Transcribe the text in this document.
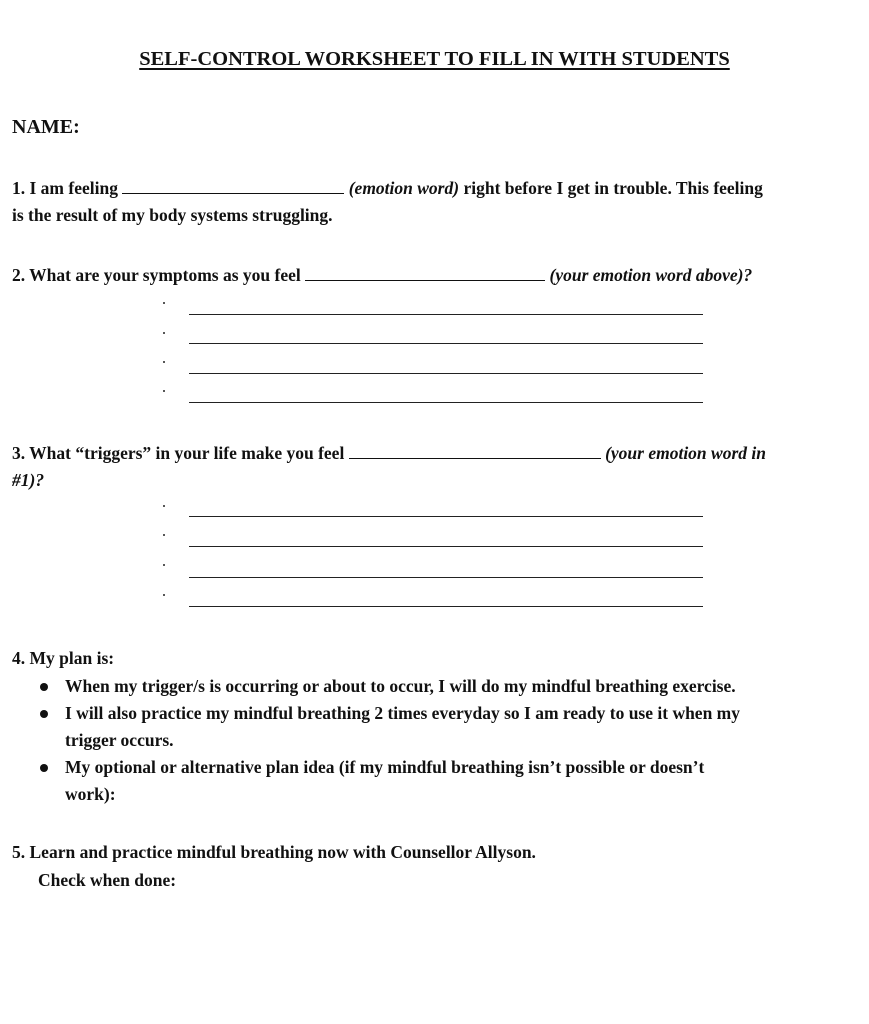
SELF-CONTROL WORKSHEET TO FILL IN WITH STUDENTS
NAME:
1. I am feeling	(emotion word) right before I get in trouble. This feeling
is the result of my body systems struggling.
2. What are your symptoms as you feel	(your emotion word above)?
3. What “triggers” in your life make you feel	(your emotion word in
#1)?
4. My plan is:
When my trigger/s is occurring or about to occur, I will do my mindful breathing exercise.
I will also practice my mindful breathing 2 times everyday so I am ready to use it when my
trigger occurs.
My optional or alternative plan idea (if my mindful breathing isn’t possible or doesn’t
work):
5. Learn and practice mindful breathing now with Counsellor Allyson.
Check when done:
